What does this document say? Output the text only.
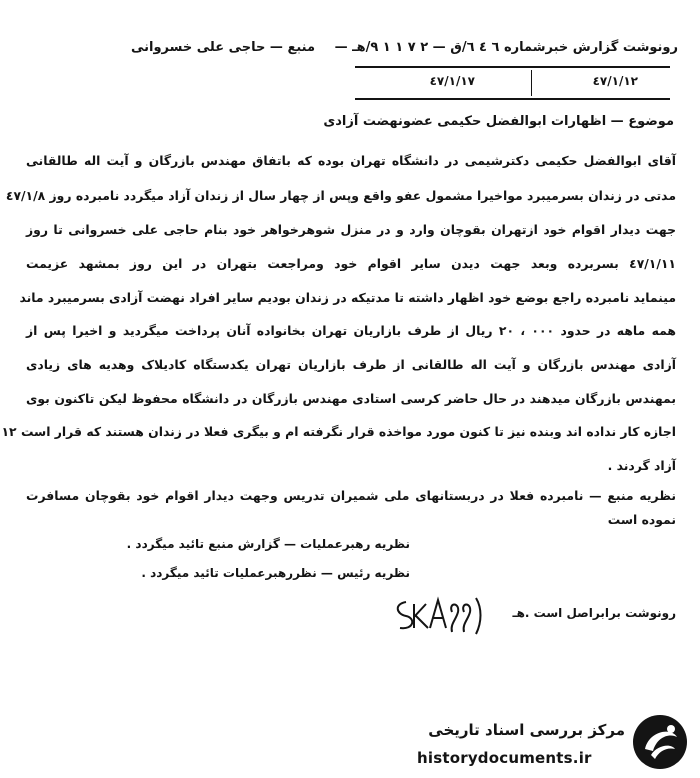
رونوشت گزارش خبرشماره ٦ ٤ ٦/ق — ٢ ٧ ١ ١ ٩/هـ —
منبع — حاجی علی خسروانی
٤٧/١/١٢
٤٧/١/١٧
موضوع — اظهارات ابوالفضل حکیمی عضونهضت آزادی
آقای ابوالفضل حکیمی دکترشیمی در دانشگاه تهران بوده که باتفاق مهندس بازرگان و آیت اله طالقانی
مدتی در زندان بسرمیبرد مواخیرا مشمول عفو واقع وپس از چهار سال از زندان آزاد میگردد نامبرده روز ٤٧/١/٨
جهت دیدار اقوام خود ازتهران بقوچان وارد و در منزل شوهرخواهر خود بنام حاجی علی خسروانی تا روز
٤٧/١/١١ بسربرده وبعد جهت دیدن سایر اقوام خود ومراجعت بتهران در این روز بمشهد عزیمت
مینماید نامبرده راجع بوضع خود اظهار داشته تا مدتیکه در زندان بودیم سایر افراد نهضت آزادی بسرمیبرد ماند
همه ماهه در حدود ۰۰۰ ، ۲۰ ریال از طرف بازاریان تهران بخانواده آنان پرداخت میگردید و اخیرا پس از
آزادی مهندس بازرگان و آیت اله طالقانی از طرف بازاریان تهران یکدستگاه کادیلاک وهدیه های زیادی
بمهندس بازرگان میدهند در حال حاضر کرسی استادی مهندس بازرگان در دانشگاه محفوظ لیکن تاکنون بوی
اجازه کار نداده اند وبنده نیز تا کنون مورد مواخذه قرار نگرفته ام و بیگری فعلا در زندان هستند که قرار است ۱۲
آزاد گردند .
نظریه منبع — نامبرده فعلا در دربستانهای ملی شمیران تدریس وجهت دیدار اقوام خود بقوچان مسافرت
نموده است
نظریه رهبرعملیات — گزارش منبع تائید میگردد .
نظریه رئیس — نظررهبرعملیات تائید میگردد .
رونوشت برابراصل است .هـ
مرکز بررسی اسناد تاریخی
historydocuments.ir
